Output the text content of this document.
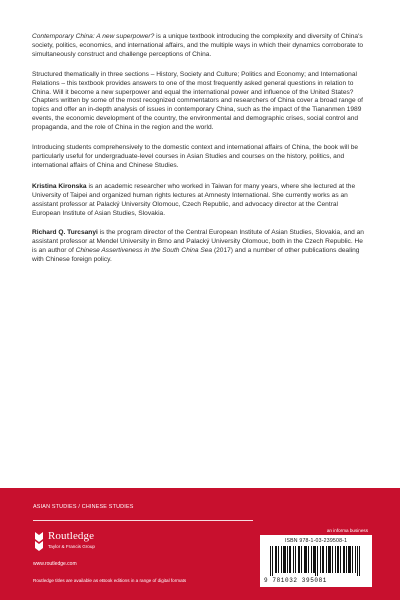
Contemporary China: A new superpower? is a unique textbook introducing the complexity and diversity of China's society, politics, economics, and international affairs, and the multiple ways in which their dynamics corroborate to simultaneously construct and challenge perceptions of China.

Structured thematically in three sections – History, Society and Culture; Politics and Economy; and International Relations – this textbook provides answers to one of the most frequently asked general questions in relation to China. Will it become a new superpower and equal the international power and influence of the United States? Chapters written by some of the most recognized commentators and researchers of China cover a broad range of topics and offer an in-depth analysis of issues in contemporary China, such as the impact of the Tiananmen 1989 events, the economic development of the country, the environmental and demographic crises, social control and propaganda, and the role of China in the region and the world.

Introducing students comprehensively to the domestic context and international affairs of China, the book will be particularly useful for undergraduate-level courses in Asian Studies and courses on the history, politics, and international affairs of China and Chinese Studies.

Kristina Kironska is an academic researcher who worked in Taiwan for many years, where she lectured at the University of Taipei and organized human rights lectures at Amnesty International. She currently works as an assistant professor at Palacký University Olomouc, Czech Republic, and advocacy director at the Central European Institute of Asian Studies, Slovakia.

Richard Q. Turcsanyi is the program director of the Central European Institute of Asian Studies, Slovakia, and an assistant professor at Mendel University in Brno and Palacký University Olomouc, both in the Czech Republic. He is an author of Chinese Assertiveness in the South China Sea (2017) and a number of other publications dealing with Chinese foreign policy.

ASIAN STUDIES / CHINESE STUDIES
Routledge
Taylor & Francis Group
www.routledge.com
Routledge titles are available as eBook editions in a range of digital formats
an informa business
ISBN 978-1-03-239508-1
9 781032 395081
